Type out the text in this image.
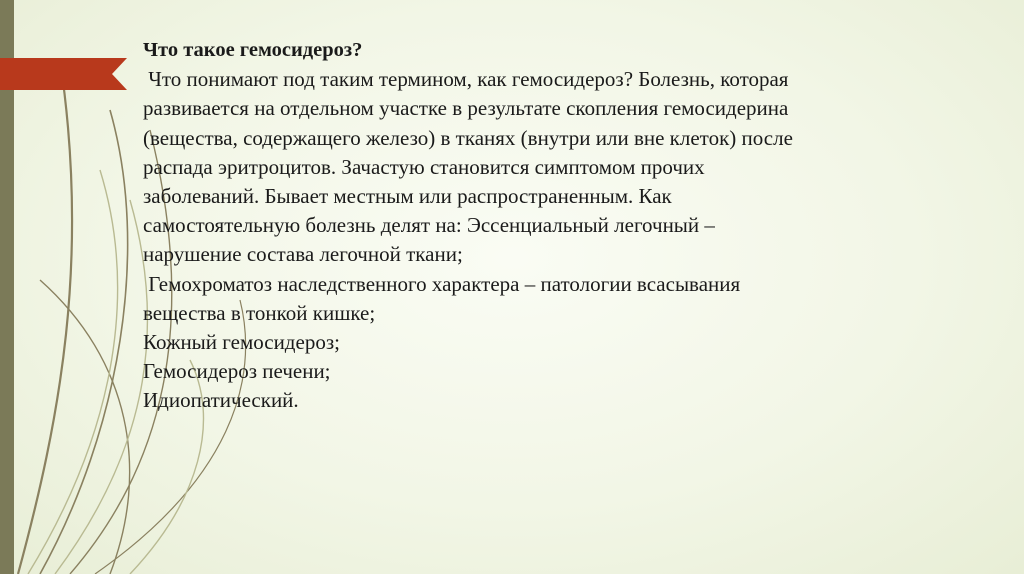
Что такое гемосидероз?
Что понимают под таким термином, как гемосидероз? Болезнь, которая
развивается на отдельном участке в результате скопления гемосидерина
(вещества, содержащего железо) в тканях (внутри или вне клеток) после
распада эритроцитов. Зачастую становится симптомом прочих
заболеваний. Бывает местным или распространенным. Как
самостоятельную болезнь делят на: Эссенциальный легочный –
нарушение состава легочной ткани;
Гемохроматоз наследственного характера – патологии всасывания
вещества в тонкой кишке;
Кожный гемосидероз;
Гемосидероз печени;
Идиопатический.
